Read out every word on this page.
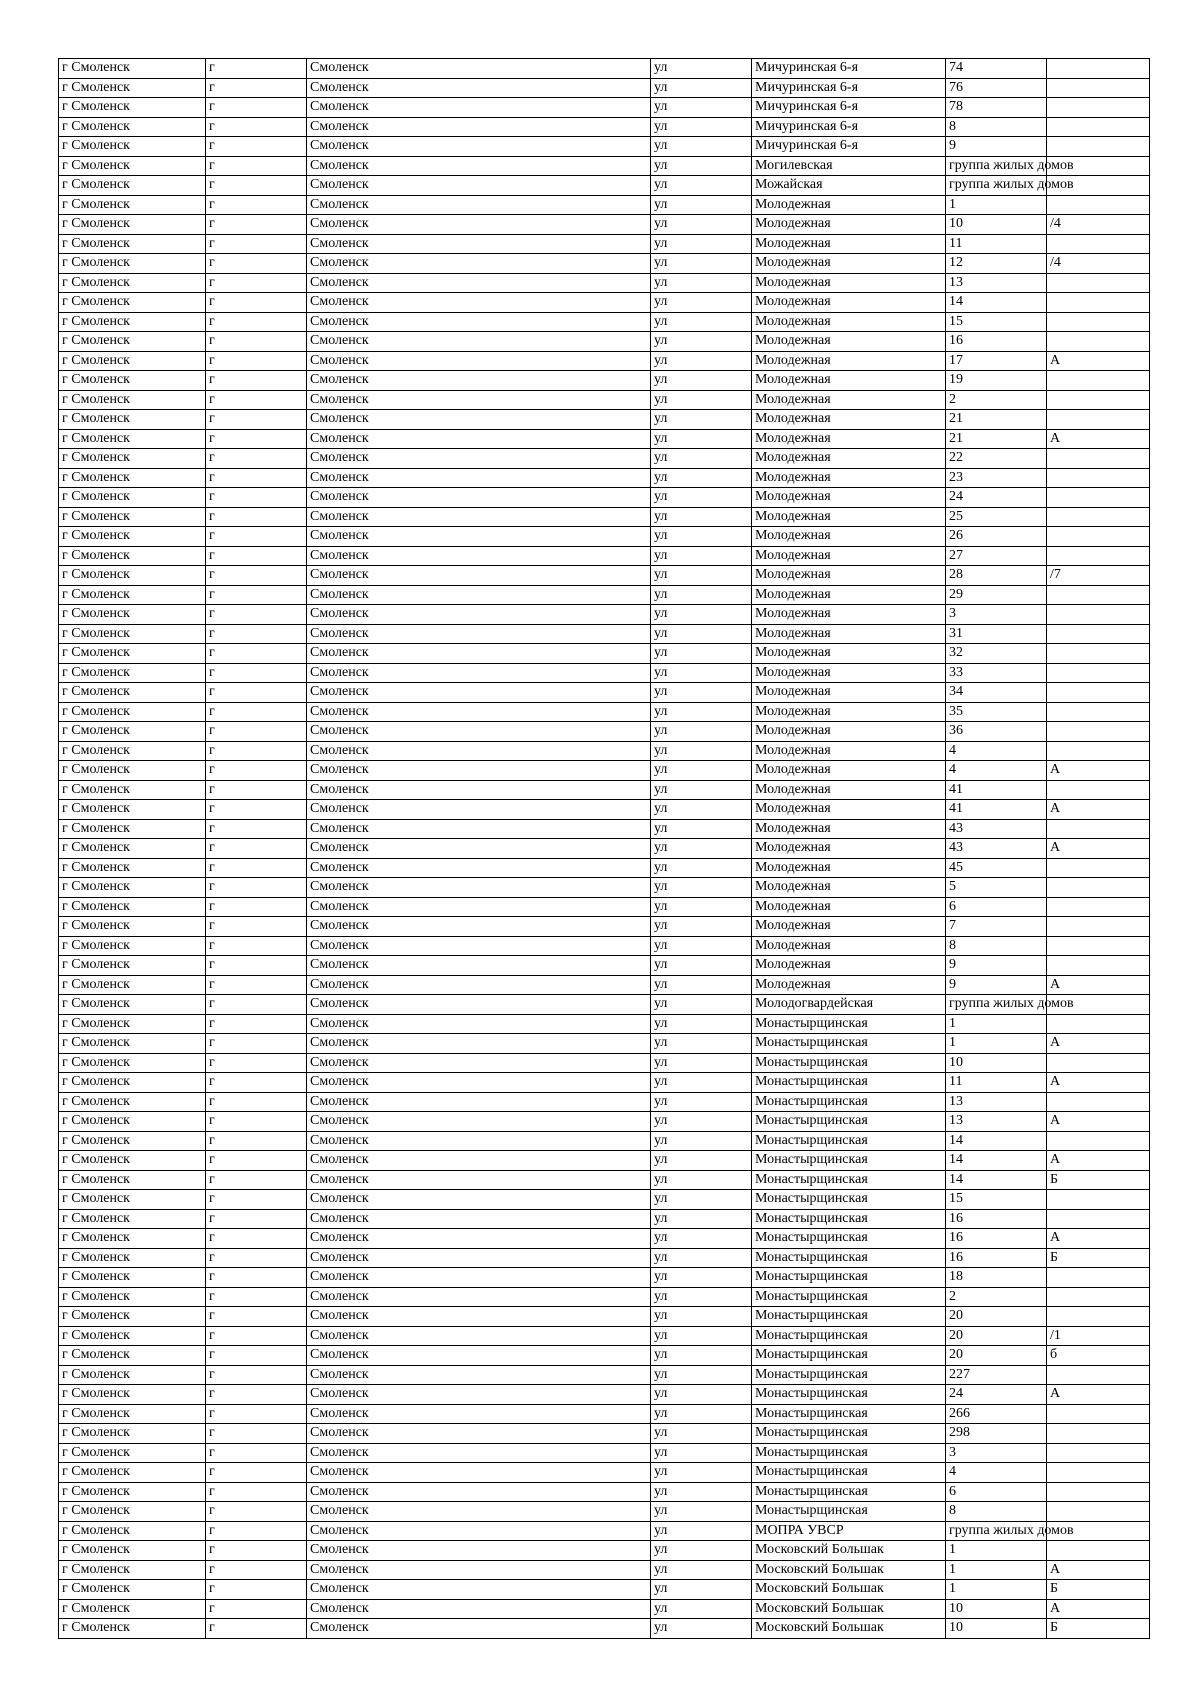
г Смоленск	г	Смоленск	ул	Мичуринская 6-я	74	
г Смоленск	г	Смоленск	ул	Мичуринская 6-я	76	
г Смоленск	г	Смоленск	ул	Мичуринская 6-я	78	
г Смоленск	г	Смоленск	ул	Мичуринская 6-я	8	
г Смоленск	г	Смоленск	ул	Мичуринская 6-я	9	
г Смоленск	г	Смоленск	ул	Могилевская	группа жилых домов	
г Смоленск	г	Смоленск	ул	Можайская	группа жилых домов	
г Смоленск	г	Смоленск	ул	Молодежная	1	
г Смоленск	г	Смоленск	ул	Молодежная	10	/4
г Смоленск	г	Смоленск	ул	Молодежная	11	
г Смоленск	г	Смоленск	ул	Молодежная	12	/4
г Смоленск	г	Смоленск	ул	Молодежная	13	
г Смоленск	г	Смоленск	ул	Молодежная	14	
г Смоленск	г	Смоленск	ул	Молодежная	15	
г Смоленск	г	Смоленск	ул	Молодежная	16	
г Смоленск	г	Смоленск	ул	Молодежная	17	А
г Смоленск	г	Смоленск	ул	Молодежная	19	
г Смоленск	г	Смоленск	ул	Молодежная	2	
г Смоленск	г	Смоленск	ул	Молодежная	21	
г Смоленск	г	Смоленск	ул	Молодежная	21	А
г Смоленск	г	Смоленск	ул	Молодежная	22	
г Смоленск	г	Смоленск	ул	Молодежная	23	
г Смоленск	г	Смоленск	ул	Молодежная	24	
г Смоленск	г	Смоленск	ул	Молодежная	25	
г Смоленск	г	Смоленск	ул	Молодежная	26	
г Смоленск	г	Смоленск	ул	Молодежная	27	
г Смоленск	г	Смоленск	ул	Молодежная	28	/7
г Смоленск	г	Смоленск	ул	Молодежная	29	
г Смоленск	г	Смоленск	ул	Молодежная	3	
г Смоленск	г	Смоленск	ул	Молодежная	31	
г Смоленск	г	Смоленск	ул	Молодежная	32	
г Смоленск	г	Смоленск	ул	Молодежная	33	
г Смоленск	г	Смоленск	ул	Молодежная	34	
г Смоленск	г	Смоленск	ул	Молодежная	35	
г Смоленск	г	Смоленск	ул	Молодежная	36	
г Смоленск	г	Смоленск	ул	Молодежная	4	
г Смоленск	г	Смоленск	ул	Молодежная	4	А
г Смоленск	г	Смоленск	ул	Молодежная	41	
г Смоленск	г	Смоленск	ул	Молодежная	41	А
г Смоленск	г	Смоленск	ул	Молодежная	43	
г Смоленск	г	Смоленск	ул	Молодежная	43	А
г Смоленск	г	Смоленск	ул	Молодежная	45	
г Смоленск	г	Смоленск	ул	Молодежная	5	
г Смоленск	г	Смоленск	ул	Молодежная	6	
г Смоленск	г	Смоленск	ул	Молодежная	7	
г Смоленск	г	Смоленск	ул	Молодежная	8	
г Смоленск	г	Смоленск	ул	Молодежная	9	
г Смоленск	г	Смоленск	ул	Молодежная	9	А
г Смоленск	г	Смоленск	ул	Молодогвардейская	группа жилых домов	
г Смоленск	г	Смоленск	ул	Монастырщинская	1	
г Смоленск	г	Смоленск	ул	Монастырщинская	1	А
г Смоленск	г	Смоленск	ул	Монастырщинская	10	
г Смоленск	г	Смоленск	ул	Монастырщинская	11	А
г Смоленск	г	Смоленск	ул	Монастырщинская	13	
г Смоленск	г	Смоленск	ул	Монастырщинская	13	А
г Смоленск	г	Смоленск	ул	Монастырщинская	14	
г Смоленск	г	Смоленск	ул	Монастырщинская	14	А
г Смоленск	г	Смоленск	ул	Монастырщинская	14	Б
г Смоленск	г	Смоленск	ул	Монастырщинская	15	
г Смоленск	г	Смоленск	ул	Монастырщинская	16	
г Смоленск	г	Смоленск	ул	Монастырщинская	16	А
г Смоленск	г	Смоленск	ул	Монастырщинская	16	Б
г Смоленск	г	Смоленск	ул	Монастырщинская	18	
г Смоленск	г	Смоленск	ул	Монастырщинская	2	
г Смоленск	г	Смоленск	ул	Монастырщинская	20	
г Смоленск	г	Смоленск	ул	Монастырщинская	20	/1
г Смоленск	г	Смоленск	ул	Монастырщинская	20	б
г Смоленск	г	Смоленск	ул	Монастырщинская	227	
г Смоленск	г	Смоленск	ул	Монастырщинская	24	А
г Смоленск	г	Смоленск	ул	Монастырщинская	266	
г Смоленск	г	Смоленск	ул	Монастырщинская	298	
г Смоленск	г	Смоленск	ул	Монастырщинская	3	
г Смоленск	г	Смоленск	ул	Монастырщинская	4	
г Смоленск	г	Смоленск	ул	Монастырщинская	6	
г Смоленск	г	Смоленск	ул	Монастырщинская	8	
г Смоленск	г	Смоленск	ул	МОПРА УВСР	группа жилых домов	
г Смоленск	г	Смоленск	ул	Московский Большак	1	
г Смоленск	г	Смоленск	ул	Московский Большак	1	А
г Смоленск	г	Смоленск	ул	Московский Большак	1	Б
г Смоленск	г	Смоленск	ул	Московский Большак	10	А
г Смоленск	г	Смоленск	ул	Московский Большак	10	Б
